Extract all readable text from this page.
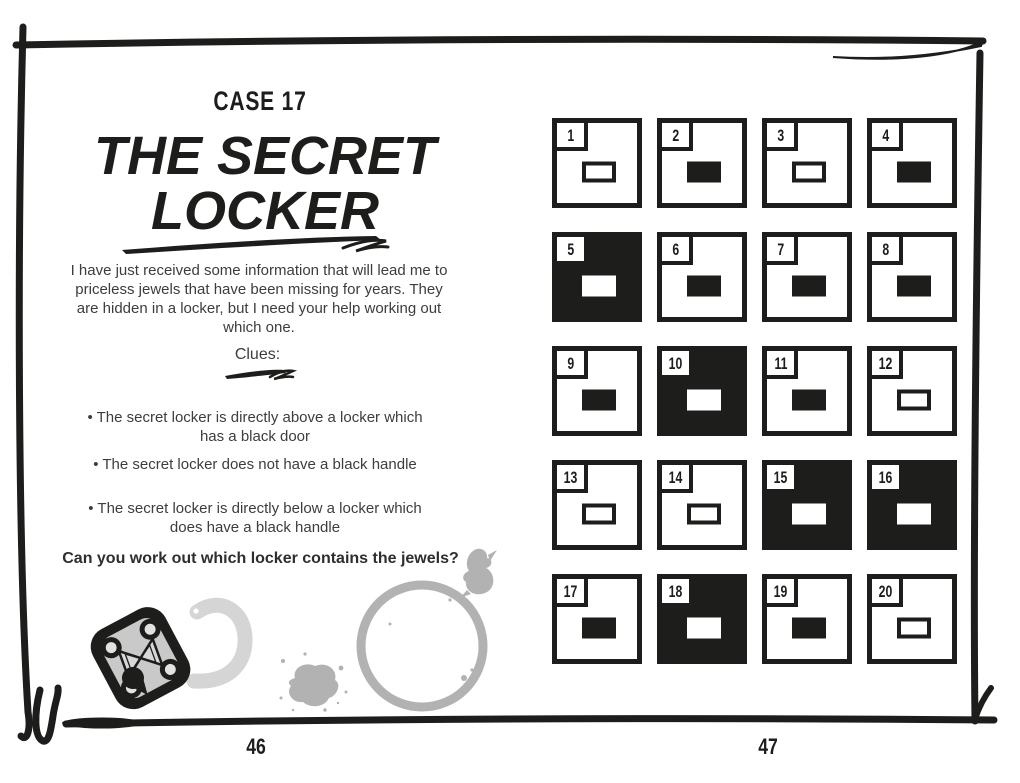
CASE 17
THE SECRET
LOCKER
I have just received some information that will lead me to priceless jewels that have been missing for years. They are hidden in a locker, but I need your help working out which one.
Clues:
• The secret locker is directly above a locker which has a black door
• The secret locker does not have a black handle
• The secret locker is directly below a locker which does have a black handle
Can you work out which locker contains the jewels?
46
1	2	3	4
5	6	7	8
9	10	11	12
13	14	15	16
17	18	19	20
47
